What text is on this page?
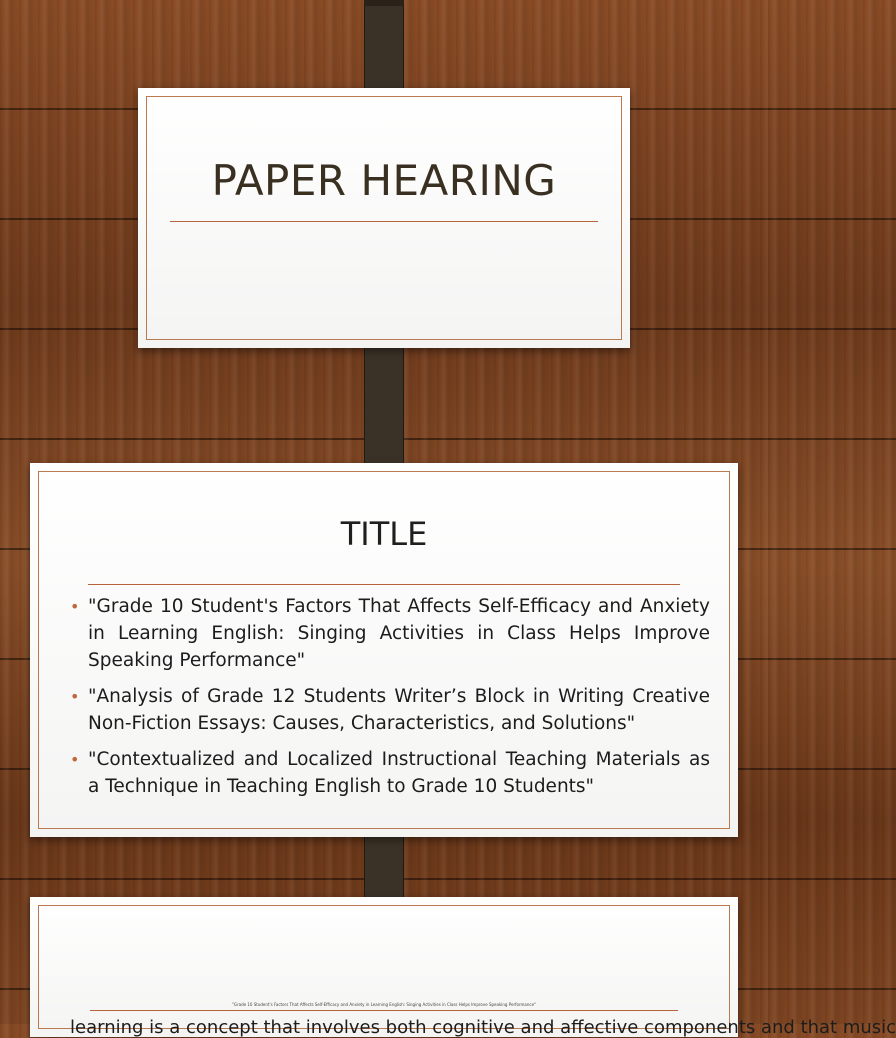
PAPER HEARING
TITLE
• "Grade 10 Student's Factors That Affects Self-Efficacy and Anxiety in Learning English: Singing Activities in Class Helps Improve Speaking Performance"
• "Analysis of Grade 12 Students Writer’s Block in Writing Creative Non-Fiction Essays: Causes, Characteristics, and Solutions"
• "Contextualized and Localized Instructional Teaching Materials as a Technique in Teaching English to Grade 10 Students"
"Grade 10 Student's Factors That Affects Self-Efficacy and Anxiety in Learning English: Singing Activities in Class Helps Improve Speaking Performance"
learning is a concept that involves both cognitive and affective components and that music
